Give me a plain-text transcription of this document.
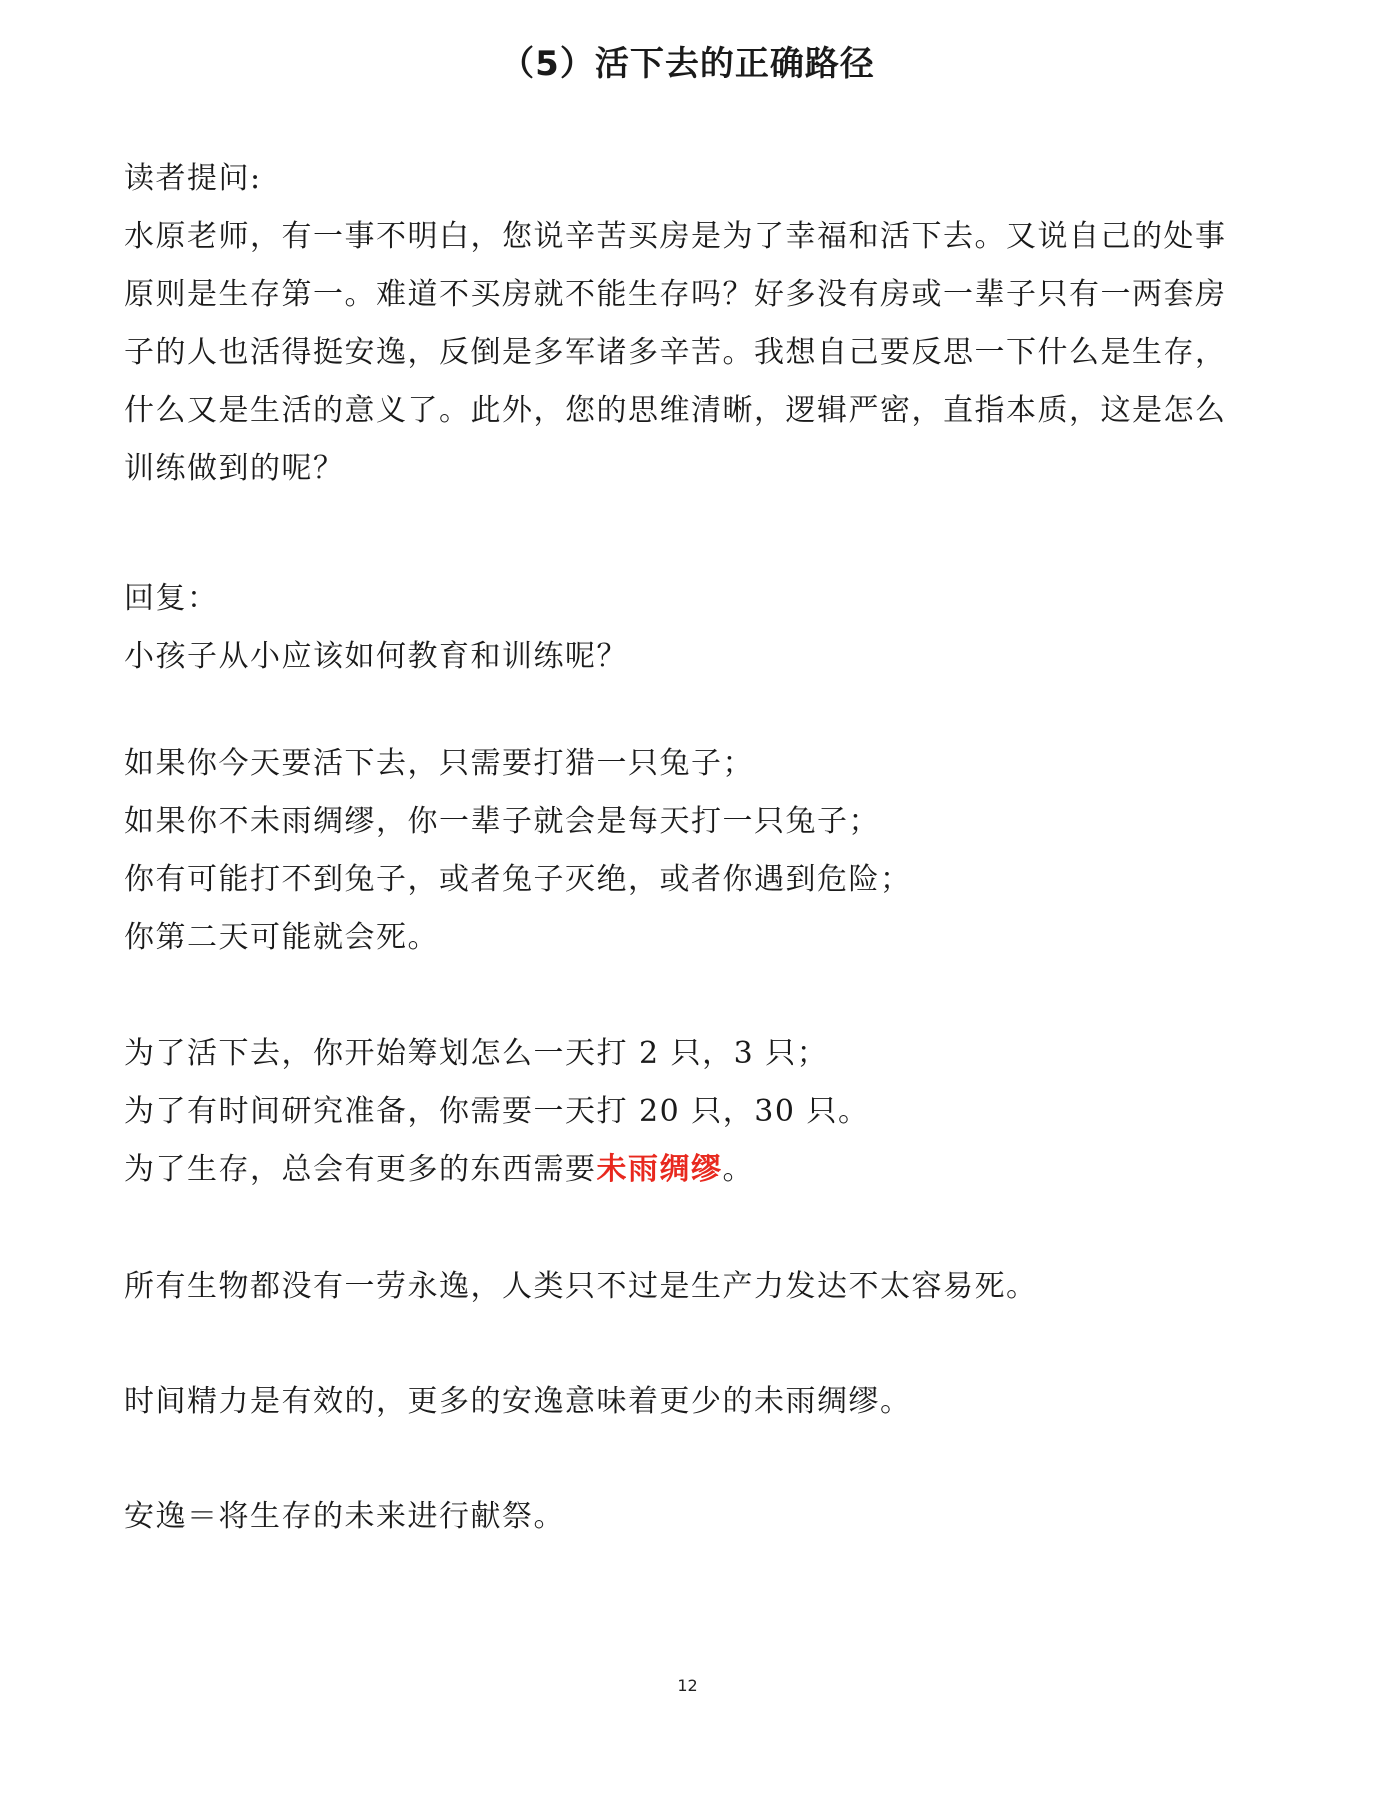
（5）活下去的正确路径
读者提问:
水原老师，有一事不明白，您说辛苦买房是为了幸福和活下去。又说自己的处事
原则是生存第一。难道不买房就不能生存吗？好多没有房或一辈子只有一两套房
子的人也活得挺安逸，反倒是多军诸多辛苦。我想自己要反思一下什么是生存，
什么又是生活的意义了。此外，您的思维清晰，逻辑严密，直指本质，这是怎么
训练做到的呢？
回复：
小孩子从小应该如何教育和训练呢？
如果你今天要活下去，只需要打猎一只兔子；
如果你不未雨绸缪，你一辈子就会是每天打一只兔子；
你有可能打不到兔子，或者兔子灭绝，或者你遇到危险；
你第二天可能就会死。
为了活下去，你开始筹划怎么一天打 2 只，3 只；
为了有时间研究准备，你需要一天打 20 只，30 只。
为了生存，总会有更多的东西需要未雨绸缪。
所有生物都没有一劳永逸，人类只不过是生产力发达不太容易死。
时间精力是有效的，更多的安逸意味着更少的未雨绸缪。
安逸＝将生存的未来进行献祭。
12
